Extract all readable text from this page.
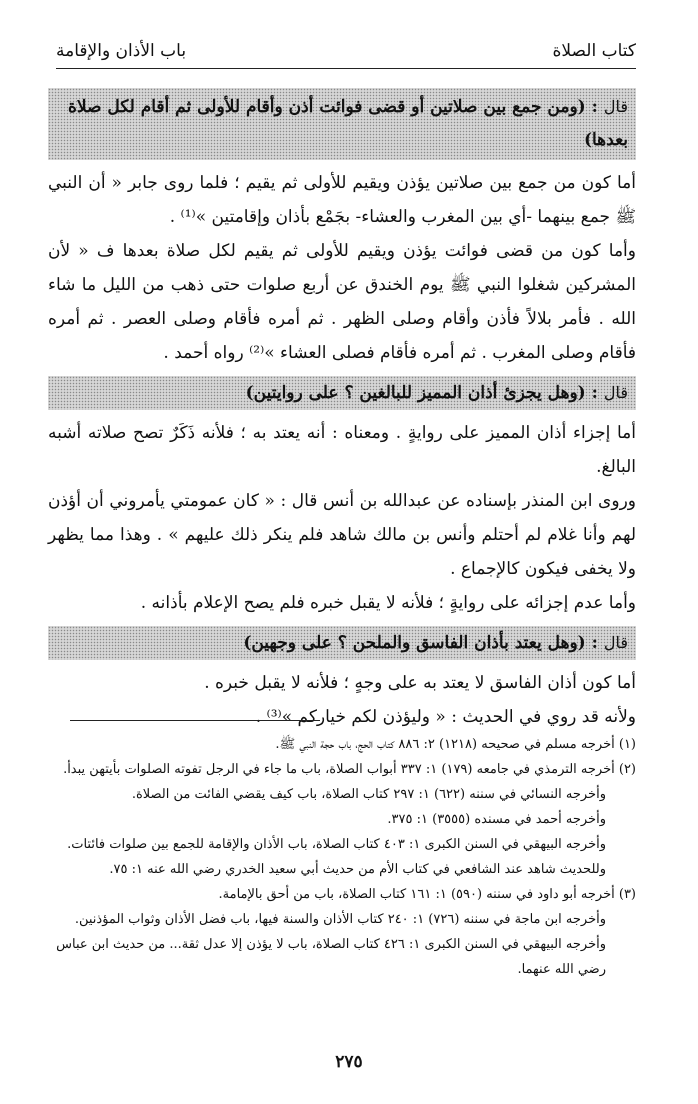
كتاب الصلاة
باب الأذان والإقامة
قال : (ومن جمع بين صلاتين أو قضى فوائت أذن وأقام للأولى ثم أقام لكل صلاة بعدها)

أما كون من جمع بين صلاتين يؤذن ويقيم للأولى ثم يقيم ؛ فلما روى جابر « أن النبي ﷺ جمع بينهما -أي بين المغرب والعشاء- بجَمْع بأذان وإقامتين »⁽¹⁾ .

وأما كون من قضى فوائت يؤذن ويقيم للأولى ثم يقيم لكل صلاة بعدها ف « لأن المشركين شغلوا النبي ﷺ يوم الخندق عن أربع صلوات حتى ذهب من الليل ما شاء الله . فأمر بلالاً فأذن وأقام وصلى الظهر . ثم أمره فأقام وصلى العصر . ثم أمره فأقام وصلى المغرب . ثم أمره فأقام فصلى العشاء »⁽²⁾ رواه أحمد .

قال : (وهل يجزئ أذان المميز للبالغين ؟ على روايتين)

أما إجزاء أذان المميز على روايةٍ . ومعناه : أنه يعتد به ؛ فلأنه ذَكَرٌ تصح صلاته أشبه البالغ.

وروى ابن المنذر بإسناده عن عبدالله بن أنس قال : « كان عمومتي يأمروني أن أؤذن لهم وأنا غلام لم أحتلم وأنس بن مالك شاهد فلم ينكر ذلك عليهم » . وهذا مما يظهر ولا يخفى فيكون كالإجماع .

وأما عدم إجزائه على روايةٍ ؛ فلأنه لا يقبل خبره فلم يصح الإعلام بأذانه .

قال : (وهل يعتد بأذان الفاسق والملحن ؟ على وجهين)

أما كون أذان الفاسق لا يعتد به على وجهٍ ؛ فلأنه لا يقبل خبره .

ولأنه قد روي في الحديث : « وليؤذن لكم خياركم »⁽³⁾ .

(١) أخرجه مسلم في صحيحه (١٢١٨) ٢: ٨٨٦ كتاب الحج، باب حجة النبي ﷺ.

(٢) أخرجه الترمذي في جامعه (١٧٩) ١: ٣٣٧ أبواب الصلاة، باب ما جاء في الرجل تفوته الصلوات بأيتهن يبدأ.

وأخرجه النسائي في سننه (٦٢٢) ١: ٢٩٧ كتاب الصلاة، باب كيف يقضي الفائت من الصلاة.

وأخرجه أحمد في مسنده (٣٥٥٥) ١: ٣٧٥.

وأخرجه البيهقي في السنن الكبرى ١: ٤٠٣ كتاب الصلاة، باب الأذان والإقامة للجمع بين صلوات فائتات.

وللحديث شاهد عند الشافعي في كتاب الأم من حديث أبي سعيد الخدري رضي الله عنه ١: ٧٥.

(٣) أخرجه أبو داود في سننه (٥٩٠) ١: ١٦١ كتاب الصلاة، باب من أحق بالإمامة.

وأخرجه ابن ماجة في سننه (٧٢٦) ١: ٢٤٠ كتاب الأذان والسنة فيها، باب فضل الأذان وثواب المؤذنين.

وأخرجه البيهقي في السنن الكبرى ١: ٤٢٦ كتاب الصلاة، باب لا يؤذن إلا عدل ثقة... من حديث ابن عباس رضي الله عنهما.

٢٧٥
